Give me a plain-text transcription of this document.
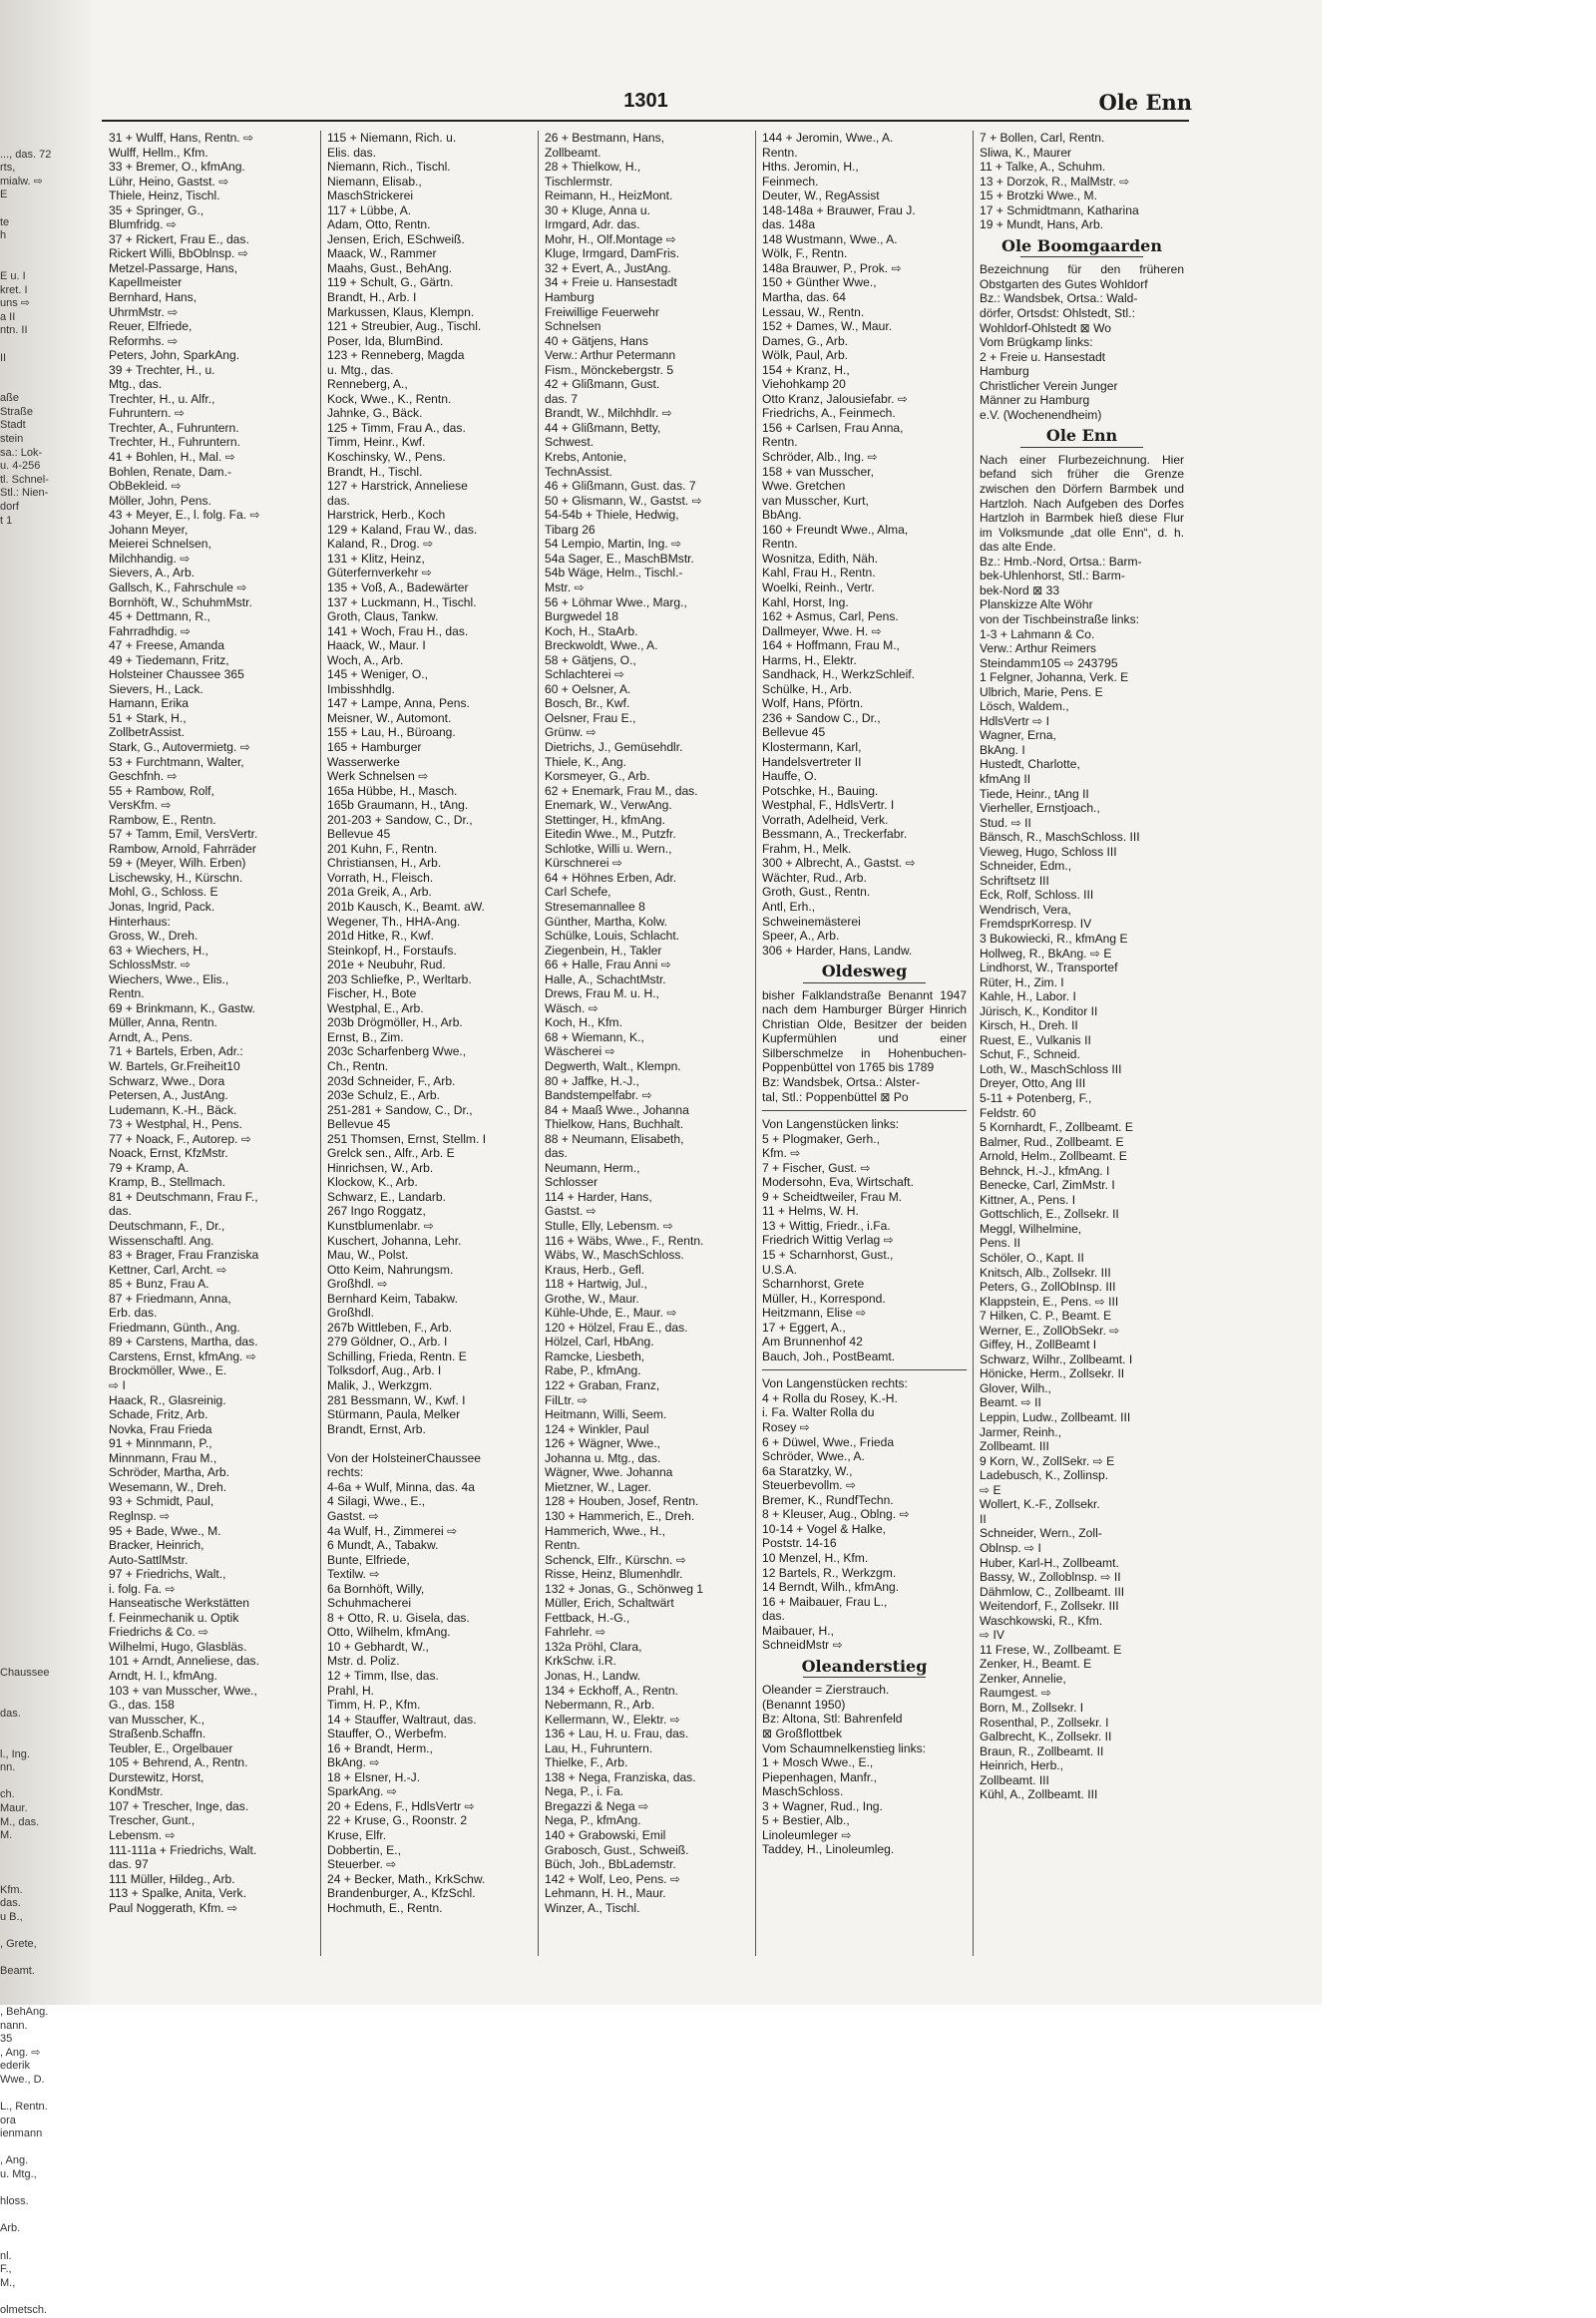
..., das. 72
rts,
mialw. ⇨
E

te
h

E u. I
kret. I
uns ⇨
a II
ntn. II

II

aße
Straße
Stadt
stein
sa.: Lok-
u. 4-256
tl. Schnel-
Stl.: Nien-
dorf
t 1

Chaussee

das.

l., Ing.
nn.

ch.
Maur.
M., das.
M.

Kfm.
das.
u B.,

, Grete,

Beamt.

, BehAng.
nann.
35
, Ang. ⇨
ederik
Wwe., D.

L., Rentn.
ora
ienmann

, Ang.
u. Mtg.,

hloss.

Arb.

nl.
F.,
M.,

olmetsch.
1301	Ole Enn
31 + Wulff, Hans, Rentn. ⇨
Wulff, Hellm., Kfm.
33 + Bremer, O., kfmAng.
Lühr, Heino, Gastst. ⇨
Thiele, Heinz, Tischl.
35 + Springer, G.,
Blumfridg. ⇨
37 + Rickert, Frau E., das.
Rickert Willi, BbOblnsp. ⇨
Metzel-Passarge, Hans,
Kapellmeister
Bernhard, Hans,
UhrmMstr. ⇨
Reuer, Elfriede,
Reformhs. ⇨
Peters, John, SparkAng.
39 + Trechter, H., u.
Mtg., das.
Trechter, H., u. Alfr.,
Fuhruntern. ⇨
Trechter, A., Fuhruntern.
Trechter, H., Fuhruntern.
41 + Bohlen, H., Mal. ⇨
Bohlen, Renate, Dam.-
ObBekleid. ⇨
Möller, John, Pens.
43 + Meyer, E., l. folg. Fa. ⇨
Johann Meyer,
Meierei Schnelsen,
Milchhandig. ⇨
Sievers, A., Arb.
Gallsch, K., Fahrschule ⇨
Bornhöft, W., SchuhmMstr.
45 + Dettmann, R.,
Fahrradhdig. ⇨
47 + Freese, Amanda
49 + Tiedemann, Fritz,
Holsteiner Chaussee 365
Sievers, H., Lack.
Hamann, Erika
51 + Stark, H.,
ZollbetrAssist.
Stark, G., Autovermietg. ⇨
53 + Furchtmann, Walter,
Geschfnh. ⇨
55 + Rambow, Rolf,
VersKfm. ⇨
Rambow, E., Rentn.
57 + Tamm, Emil, VersVertr.
Rambow, Arnold, Fahrräder
59 + (Meyer, Wilh. Erben)
Lischewsky, H., Kürschn.
Mohl, G., Schloss. E
Jonas, Ingrid, Pack.
Hinterhaus:
Gross, W., Dreh.
63 + Wiechers, H.,
SchlossMstr. ⇨
Wiechers, Wwe., Elis.,
Rentn.
69 + Brinkmann, K., Gastw.
Müller, Anna, Rentn.
Arndt, A., Pens.
71 + Bartels, Erben, Adr.:
W. Bartels, Gr.Freiheit10
Schwarz, Wwe., Dora
Petersen, A., JustAng.
Ludemann, K.-H., Bäck.
73 + Westphal, H., Pens.
77 + Noack, F., Autorep. ⇨
Noack, Ernst, KfzMstr.
79 + Kramp, A.
Kramp, B., Stellmach.
81 + Deutschmann, Frau F.,
das.
Deutschmann, F., Dr.,
Wissenschaftl. Ang.
83 + Brager, Frau Franziska
Kettner, Carl, Archt. ⇨
85 + Bunz, Frau A.
87 + Friedmann, Anna,
Erb. das.
Friedmann, Günth., Ang.
89 + Carstens, Martha, das.
Carstens, Ernst, kfmAng. ⇨
Brockmöller, Wwe., E.
⇨ I
Haack, R., Glasreinig.
Schade, Fritz, Arb.
Novka, Frau Frieda
91 + Minnmann, P.,
Minnmann, Frau M.,
Schröder, Martha, Arb.
Wesemann, W., Dreh.
93 + Schmidt, Paul,
Reglnsp. ⇨
95 + Bade, Wwe., M.
Bracker, Heinrich,
Auto-SattlMstr.
97 + Friedrichs, Walt.,
i. folg. Fa. ⇨
Hanseatische Werkstätten
f. Feinmechanik u. Optik
Friedrichs & Co. ⇨
Wilhelmi, Hugo, Glasbläs.
101 + Arndt, Anneliese, das.
Arndt, H. I., kfmAng.
103 + van Musscher, Wwe.,
G., das. 158
van Musscher, K.,
Straßenb.Schaffn.
Teubler, E., Orgelbauer
105 + Behrend, A., Rentn.
Durstewitz, Horst,
KondMstr.
107 + Trescher, Inge, das.
Trescher, Gunt.,
Lebensm. ⇨
111-111a + Friedrichs, Walt.
das. 97
111 Müller, Hildeg., Arb.
113 + Spalke, Anita, Verk.
Paul Noggerath, Kfm. ⇨
115 + Niemann, Rich. u.
Elis. das.
Niemann, Rich., Tischl.
Niemann, Elisab.,
MaschStrickerei
117 + Lübbe, A.
Adam, Otto, Rentn.
Jensen, Erich, ESchweiß.
Maack, W., Rammer
Maahs, Gust., BehAng.
119 + Schult, G., Gärtn.
Brandt, H., Arb. I
Markussen, Klaus, Klempn.
121 + Streubier, Aug., Tischl.
Poser, Ida, BlumBind.
123 + Renneberg, Magda
u. Mtg., das.
Renneberg, A.,
Kock, Wwe., K., Rentn.
Jahnke, G., Bäck.
125 + Timm, Frau A., das.
Timm, Heinr., Kwf.
Koschinsky, W., Pens.
Brandt, H., Tischl.
127 + Harstrick, Anneliese
das.
Harstrick, Herb., Koch
129 + Kaland, Frau W., das.
Kaland, R., Drog. ⇨
131 + Klitz, Heinz,
Güterfernverkehr ⇨
135 + Voß, A., Badewärter
137 + Luckmann, H., Tischl.
Groth, Claus, Tankw.
141 + Woch, Frau H., das.
Haack, W., Maur. I
Woch, A., Arb.
145 + Weniger, O.,
Imbisshhdlg.
147 + Lampe, Anna, Pens.
Meisner, W., Automont.
155 + Lau, H., Büroang.
165 + Hamburger
Wasserwerke
Werk Schnelsen ⇨
165a Hübbe, H., Masch.
165b Graumann, H., tAng.
201-203 + Sandow, C., Dr.,
Bellevue 45
201 Kuhn, F., Rentn.
Christiansen, H., Arb.
Vorrath, H., Fleisch.
201a Greik, A., Arb.
201b Kausch, K., Beamt. aW.
Wegener, Th., HHA-Ang.
201d Hitke, R., Kwf.
Steinkopf, H., Forstaufs.
201e + Neubuhr, Rud.
203 Schliefke, P., Werltarb.
Fischer, H., Bote
Westphal, E., Arb.
203b Drögmöller, H., Arb.
Ernst, B., Zim.
203c Scharfenberg Wwe.,
Ch., Rentn.
203d Schneider, F., Arb.
203e Schulz, E., Arb.
251-281 + Sandow, C., Dr.,
Bellevue 45
251 Thomsen, Ernst, Stellm. I
Grelck sen., Alfr., Arb. E
Hinrichsen, W., Arb.
Klockow, K., Arb.
Schwarz, E., Landarb.
267 Ingo Roggatz,
Kunstblumenlabr. ⇨
Kuschert, Johanna, Lehr.
Mau, W., Polst.
Otto Keim, Nahrungsm.
Großhdl. ⇨
Bernhard Keim, Tabakw.
Großhdl.
267b Wittleben, F., Arb.
279 Göldner, O., Arb. I
Schilling, Frieda, Rentn. E
Tolksdorf, Aug., Arb. I
Malik, J., Werkzgm.
281 Bessmann, W., Kwf. I
Stürmann, Paula, Melker
Brandt, Ernst, Arb.

Von der HolsteinerChaussee
rechts:
4-6a + Wulf, Minna, das. 4a
4 Silagi, Wwe., E.,
Gastst. ⇨
4a Wulf, H., Zimmerei ⇨
6 Mundt, A., Tabakw.
Bunte, Elfriede,
Textilw. ⇨
6a Bornhöft, Willy,
Schuhmacherei
8 + Otto, R. u. Gisela, das.
Otto, Wilhelm, kfmAng.
10 + Gebhardt, W.,
Mstr. d. Poliz.
12 + Timm, Ilse, das.
Prahl, H.
Timm, H. P., Kfm.
14 + Stauffer, Waltraut, das.
Stauffer, O., Werbefm.
16 + Brandt, Herm.,
BkAng. ⇨
18 + Elsner, H.-J.
SparkAng. ⇨
20 + Edens, F., HdlsVertr ⇨
22 + Kruse, G., Roonstr. 2
Kruse, Elfr.
Dobbertin, E.,
Steuerber. ⇨
24 + Becker, Math., KrkSchw.
Brandenburger, A., KfzSchl.
Hochmuth, E., Rentn.
26 + Bestmann, Hans,
Zollbeamt.
28 + Thielkow, H.,
Tischlermstr.
Reimann, H., HeizMont.
30 + Kluge, Anna u.
Irmgard, Adr. das.
Mohr, H., Olf.Montage ⇨
Kluge, Irmgard, DamFris.
32 + Evert, A., JustAng.
34 + Freie u. Hansestadt
Hamburg
Freiwillige Feuerwehr
Schnelsen
40 + Gätjens, Hans
Verw.: Arthur Petermann
Fism., Mönckebergstr. 5
42 + Glißmann, Gust.
das. 7
Brandt, W., Milchhdlr. ⇨
44 + Glißmann, Betty,
Schwest.
Krebs, Antonie,
TechnAssist.
46 + Glißmann, Gust. das. 7
50 + Glismann, W., Gastst. ⇨
54-54b + Thiele, Hedwig,
Tibarg 26
54 Lempio, Martin, Ing. ⇨
54a Sager, E., MaschBMstr.
54b Wäge, Helm., Tischl.-
Mstr. ⇨
56 + Löhmar Wwe., Marg.,
Burgwedel 18
Koch, H., StaArb.
Breckwoldt, Wwe., A.
58 + Gätjens, O.,
Schlachterei ⇨
60 + Oelsner, A.
Bosch, Br., Kwf.
Oelsner, Frau E.,
Grünw. ⇨
Dietrichs, J., Gemüsehdlr.
Thiele, K., Ang.
Korsmeyer, G., Arb.
62 + Enemark, Frau M., das.
Enemark, W., VerwAng.
Stettinger, H., kfmAng.
Eitedin Wwe., M., Putzfr.
Schlotke, Willi u. Wern.,
Kürschnerei ⇨
64 + Höhnes Erben, Adr.
Carl Schefe,
Stresemannallee 8
Günther, Martha, Kolw.
Schülke, Louis, Schlacht.
Ziegenbein, H., Takler
66 + Halle, Frau Anni ⇨
Halle, A., SchachtMstr.
Drews, Frau M. u. H.,
Wäsch. ⇨
Koch, H., Kfm.
68 + Wiemann, K.,
Wäscherei ⇨
Degwerth, Walt., Klempn.
80 + Jaffke, H.-J.,
Bandstempelfabr. ⇨
84 + Maaß Wwe., Johanna
Thielkow, Hans, Buchhalt.
88 + Neumann, Elisabeth,
das.
Neumann, Herm.,
Schlosser
114 + Harder, Hans,
Gastst. ⇨
Stulle, Elly, Lebensm. ⇨
116 + Wäbs, Wwe., F., Rentn.
Wäbs, W., MaschSchloss.
Kraus, Herb., Gefl.
118 + Hartwig, Jul.,
Grothe, W., Maur.
Kühle-Uhde, E., Maur. ⇨
120 + Hölzel, Frau E., das.
Hölzel, Carl, HbAng.
Ramcke, Liesbeth,
Rabe, P., kfmAng.
122 + Graban, Franz,
FilLtr. ⇨
Heitmann, Willi, Seem.
124 + Winkler, Paul
126 + Wägner, Wwe.,
Johanna u. Mtg., das.
Wägner, Wwe. Johanna
Mietzner, W., Lager.
128 + Houben, Josef, Rentn.
130 + Hammerich, E., Dreh.
Hammerich, Wwe., H.,
Rentn.
Schenck, Elfr., Kürschn. ⇨
Risse, Heinz, Blumenhdlr.
132 + Jonas, G., Schönweg 1
Müller, Erich, Schaltwärt
Fettback, H.-G.,
Fahrlehr. ⇨
132a Pröhl, Clara,
KrkSchw. i.R.
Jonas, H., Landw.
134 + Eckhoff, A., Rentn.
Nebermann, R., Arb.
Kellermann, W., Elektr. ⇨
136 + Lau, H. u. Frau, das.
Lau, H., Fuhruntern.
Thielke, F., Arb.
138 + Nega, Franziska, das.
Nega, P., i. Fa.
Bregazzi & Nega ⇨
Nega, P., kfmAng.
140 + Grabowski, Emil
Grabosch, Gust., Schweiß.
Büch, Joh., BbLademstr.
142 + Wolf, Leo, Pens. ⇨
Lehmann, H. H., Maur.
Winzer, A., Tischl.
144 + Jeromin, Wwe., A.
Rentn.
Hths. Jeromin, H.,
Feinmech.
Deuter, W., RegAssist
148-148a + Brauwer, Frau J.
das. 148a
148 Wustmann, Wwe., A.
Wölk, F., Rentn.
148a Brauwer, P., Prok. ⇨
150 + Günther Wwe.,
Martha, das. 64
Lessau, W., Rentn.
152 + Dames, W., Maur.
Dames, G., Arb.
Wölk, Paul, Arb.
154 + Kranz, H.,
Viehohkamp 20
Otto Kranz, Jalousiefabr. ⇨
Friedrichs, A., Feinmech.
156 + Carlsen, Frau Anna,
Rentn.
Schröder, Alb., Ing. ⇨
158 + van Musscher,
Wwe. Gretchen
van Musscher, Kurt,
BbAng.
160 + Freundt Wwe., Alma,
Rentn.
Wosnitza, Edith, Näh.
Kahl, Frau H., Rentn.
Woelki, Reinh., Vertr.
Kahl, Horst, Ing.
162 + Asmus, Carl, Pens.
Dallmeyer, Wwe. H. ⇨
164 + Hoffmann, Frau M.,
Harms, H., Elektr.
Sandhack, H., WerkzSchleif.
Schülke, H., Arb.
Wolf, Hans, Pförtn.
236 + Sandow C., Dr.,
Bellevue 45
Klostermann, Karl,
Handelsvertreter II
Hauffe, O.
Potschke, H., Bauing.
Westphal, F., HdlsVertr. I
Vorrath, Adelheid, Verk.
Bessmann, A., Treckerfabr.
Frahm, H., Melk.
300 + Albrecht, A., Gastst. ⇨
Wächter, Rud., Arb.
Groth, Gust., Rentn.
Antl, Erh.,
Schweinemästerei
Speer, A., Arb.
306 + Harder, Hans, Landw.
Oldesweg
bisher Falklandstraße Benannt 1947 nach dem Hamburger Bürger Hinrich Christian Olde, Besitzer der beiden Kupfermühlen und einer Silberschmelze in Hohenbuchen-Poppenbüttel von 1765 bis 1789
Bz: Wandsbek, Ortsa.: Alster-
tal, Stl.: Poppenbüttel ⊠ Po
Von Langenstücken links:
5 + Plogmaker, Gerh.,
Kfm. ⇨
7 + Fischer, Gust. ⇨
Modersohn, Eva, Wirtschaft.
9 + Scheidtweiler, Frau M.
11 + Helms, W. H.
13 + Wittig, Friedr., i.Fa.
Friedrich Wittig Verlag ⇨
15 + Scharnhorst, Gust.,
U.S.A.
Scharnhorst, Grete
Müller, H., Korrespond.
Heitzmann, Elise ⇨
17 + Eggert, A.,
Am Brunnenhof 42
Bauch, Joh., PostBeamt.
Von Langenstücken rechts:
4 + Rolla du Rosey, K.-H.
i. Fa. Walter Rolla du
Rosey ⇨
6 + Düwel, Wwe., Frieda
Schröder, Wwe., A.
6a Staratzky, W.,
Steuerbevollm. ⇨
Bremer, K., RundfTechn.
8 + Kleuser, Aug., Oblng. ⇨
10-14 + Vogel & Halke,
Poststr. 14-16
10 Menzel, H., Kfm.
12 Bartels, R., Werkzgm.
14 Berndt, Wilh., kfmAng.
16 + Maibauer, Frau L.,
das.
Maibauer, H.,
SchneidMstr ⇨
Oleanderstieg
Oleander = Zierstrauch.
(Benannt 1950)
Bz: Altona, Stl: Bahrenfeld
⊠ Großflottbek
Vom Schaumnelkenstieg links:
1 + Mosch Wwe., E.,
Piepenhagen, Manfr.,
MaschSchloss.
3 + Wagner, Rud., Ing.
5 + Bestier, Alb.,
Linoleumleger ⇨
Taddey, H., Linoleumleg.
7 + Bollen, Carl, Rentn.
Sliwa, K., Maurer
11 + Talke, A., Schuhm.
13 + Dorzok, R., MalMstr. ⇨
15 + Brotzki Wwe., M.
17 + Schmidtmann, Katharina
19 + Mundt, Hans, Arb.
Ole Boomgaarden
Bezeichnung für den früheren Obstgarten des Gutes Wohldorf
Bz.: Wandsbek, Ortsa.: Wald-
dörfer, Ortsdst: Ohlstedt, Stl.:
Wohldorf-Ohlstedt ⊠ Wo
Vom Brügkamp links:
2 + Freie u. Hansestadt
Hamburg
Christlicher Verein Junger
Männer zu Hamburg
e.V. (Wochenendheim)
Ole Enn
Nach einer Flurbezeichnung. Hier befand sich früher die Grenze zwischen den Dörfern Barmbek und Hartzloh. Nach Aufgeben des Dorfes Hartzloh in Barmbek hieß diese Flur im Volksmunde „dat olle Enn“, d. h. das alte Ende.
Bz.: Hmb.-Nord, Ortsa.: Barm-
bek-Uhlenhorst, Stl.: Barm-
bek-Nord ⊠ 33
Planskizze Alte Wöhr
von der Tischbeinstraße links:
1-3 + Lahmann & Co.
Verw.: Arthur Reimers
Steindamm105 ⇨ 243795
1 Felgner, Johanna, Verk. E
Ulbrich, Marie, Pens. E
Lösch, Waldem.,
HdlsVertr ⇨ I
Wagner, Erna,
BkAng. I
Hustedt, Charlotte,
kfmAng II
Tiede, Heinr., tAng II
Vierheller, Ernstjoach.,
Stud. ⇨ II
Bänsch, R., MaschSchloss. III
Vieweg, Hugo, Schloss III
Schneider, Edm.,
Schriftsetz III
Eck, Rolf, Schloss. III
Wendrisch, Vera,
FremdsprKorresp. IV
3 Bukowiecki, R., kfmAng E
Hollweg, R., BkAng. ⇨ E
Lindhorst, W., Transportef
Rüter, H., Zim. I
Kahle, H., Labor. I
Jürisch, K., Konditor II
Kirsch, H., Dreh. II
Ruest, E., Vulkanis II
Schut, F., Schneid.
Loth, W., MaschSchloss III
Dreyer, Otto, Ang III
5-11 + Potenberg, F.,
Feldstr. 60
5 Kornhardt, F., Zollbeamt. E
Balmer, Rud., Zollbeamt. E
Arnold, Helm., Zollbeamt. E
Behnck, H.-J., kfmAng. I
Benecke, Carl, ZimMstr. I
Kittner, A., Pens. I
Gottschlich, E., Zollsekr. II
Meggl, Wilhelmine,
Pens. II
Schöler, O., Kapt. II
Knitsch, Alb., Zollsekr. III
Peters, G., ZollObInsp. III
Klappstein, E., Pens. ⇨ III
7 Hilken, C. P., Beamt. E
Werner, E., ZollObSekr. ⇨
Giffey, H., ZollBeamt I
Schwarz, Wilhr., Zollbeamt. I
Hönicke, Herm., Zollsekr. II
Glover, Wilh.,
Beamt. ⇨ II
Leppin, Ludw., Zollbeamt. III
Jarmer, Reinh.,
Zollbeamt. III
9 Korn, W., ZollSekr. ⇨ E
Ladebusch, K., Zollinsp.
⇨ E
Wollert, K.-F., Zollsekr.
II
Schneider, Wern., Zoll-
Oblnsp. ⇨ I
Huber, Karl-H., Zollbeamt.
Bassy, W., Zolloblnsp. ⇨ II
Dähmlow, C., Zollbeamt. III
Weitendorf, F., Zollsekr. III
Waschkowski, R., Kfm.
⇨ IV
11 Frese, W., Zollbeamt. E
Zenker, H., Beamt. E
Zenker, Annelie,
Raumgest. ⇨
Born, M., Zollsekr. I
Rosenthal, P., Zollsekr. I
Galbrecht, K., Zollsekr. II
Braun, R., Zollbeamt. II
Heinrich, Herb.,
Zollbeamt. III
Kühl, A., Zollbeamt. III
